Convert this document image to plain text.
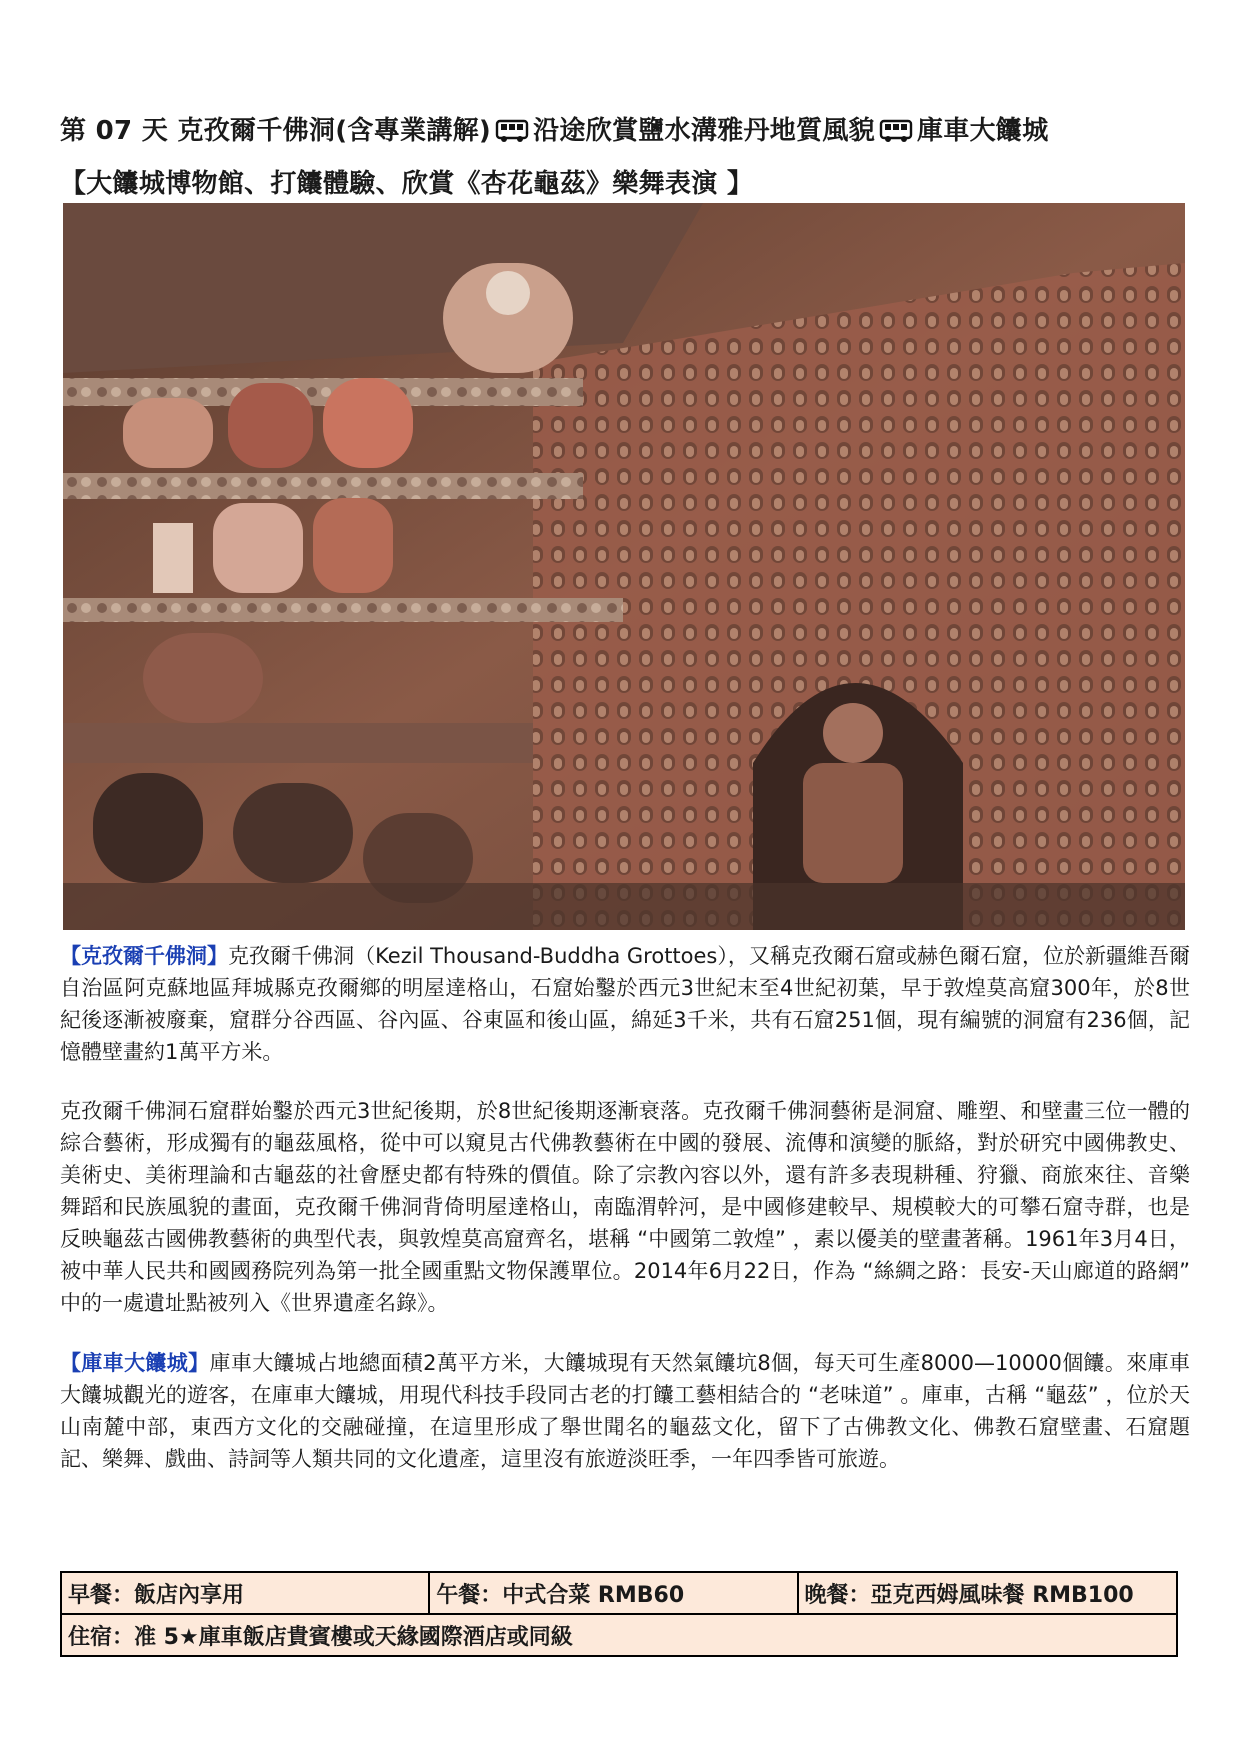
第 07 天 克孜爾千佛洞(含專業講解) 沿途欣賞鹽水溝雅丹地質風貌 庫車大饢城
【大饢城博物館、打饢體驗、欣賞《杏花龜茲》樂舞表演 】
【克孜爾千佛洞】克孜爾千佛洞（Kezil Thousand-Buddha Grottoes），又稱克孜爾石窟或赫色爾石窟，位於新疆維吾爾自治區阿克蘇地區拜城縣克孜爾鄉的明屋達格山，石窟始鑿於西元3世紀末至4世紀初葉，早于敦煌莫高窟300年，於8世紀後逐漸被廢棄，窟群分谷西區、谷內區、谷東區和後山區，綿延3千米，共有石窟251個，現有編號的洞窟有236個，記憶體壁畫約1萬平方米。
克孜爾千佛洞石窟群始鑿於西元3世紀後期，於8世紀後期逐漸衰落。克孜爾千佛洞藝術是洞窟、雕塑、和壁畫三位一體的綜合藝術，形成獨有的龜茲風格，從中可以窺見古代佛教藝術在中國的發展、流傳和演變的脈絡，對於研究中國佛教史、美術史、美術理論和古龜茲的社會歷史都有特殊的價值。除了宗教內容以外，還有許多表現耕種、狩獵、商旅來往、音樂舞蹈和民族風貌的畫面，克孜爾千佛洞背倚明屋達格山，南臨渭幹河，是中國修建較早、規模較大的可攀石窟寺群，也是反映龜茲古國佛教藝術的典型代表，與敦煌莫高窟齊名，堪稱 “中國第二敦煌” ，素以優美的壁畫著稱。1961年3月4日，被中華人民共和國國務院列為第一批全國重點文物保護單位。2014年6月22日，作為 “絲綢之路：長安-天山廊道的路網” 中的一處遺址點被列入《世界遺產名錄》。
【庫車大饢城】庫車大饢城占地總面積2萬平方米，大饢城現有天然氣饢坑8個，每天可生產8000—10000個饢。來庫車大饢城觀光的遊客，在庫車大饢城，用現代科技手段同古老的打饢工藝相結合的 “老味道” 。庫車，古稱 “龜茲” ，位於天山南麓中部，東西方文化的交融碰撞，在這里形成了舉世聞名的龜茲文化，留下了古佛教文化、佛教石窟壁畫、石窟題記、樂舞、戲曲、詩詞等人類共同的文化遺產，這里沒有旅遊淡旺季，一年四季皆可旅遊。
早餐：飯店內享用	午餐：中式合菜 RMB60	晚餐：亞克西姆風味餐 RMB100
住宿：准 5★庫車飯店貴賓樓或天緣國際酒店或同級
